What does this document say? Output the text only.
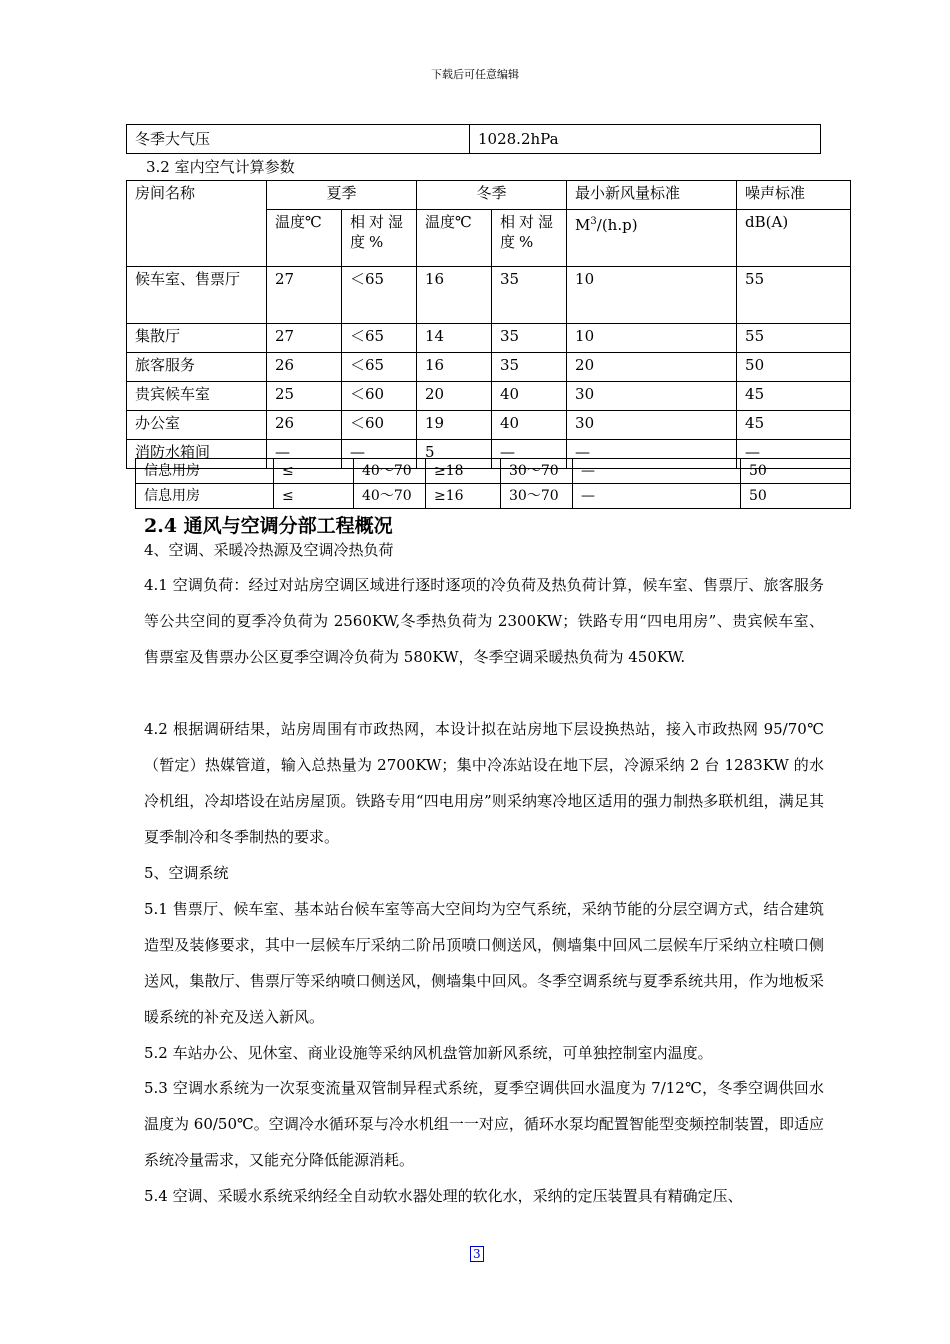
下载后可任意编辑
冬季大气压	1028.2hPa
3.2 室内空气计算参数
房间名称	夏季		冬季		最小新风量标准	噪声标准
	温度℃	相对湿度%	温度℃	相对湿度%	$M^3/(h.p)$	dB(A)
候车室、售票厅	27	＜65	16	35	10	55
集散厅	27	＜65	14	35	10	55
旅客服务	26	＜65	16	35	20	50
贵宾候车室	25	＜60	20	40	30	45
办公室	26	＜60	19	40	30	45
消防水箱间	—	—	5	—	—	—
信息用房	≤	40～70	≥18	30～70	—	50
信息用房	≤	40～70	≥16	30～70	—	50
2.4 通风与空调分部工程概况
4、空调、采暖冷热源及空调冷热负荷
4.1 空调负荷：经过对站房空调区域进行逐时逐项的冷负荷及热负荷计算，候车室、售票厅、旅客服务等公共空间的夏季冷负荷为 2560KW,冬季热负荷为 2300KW；铁路专用“四电用房”、贵宾候车室、售票室及售票办公区夏季空调冷负荷为 580KW，冬季空调采暖热负荷为 450KW.
4.2 根据调研结果，站房周围有市政热网，本设计拟在站房地下层设换热站，接入市政热网 95/70℃（暂定）热媒管道，输入总热量为 2700KW；集中冷冻站设在地下层，冷源采纳 2 台 1283KW 的水冷机组，冷却塔设在站房屋顶。铁路专用“四电用房”则采纳寒冷地区适用的强力制热多联机组，满足其夏季制冷和冬季制热的要求。
5、空调系统
5.1 售票厅、候车室、基本站台候车室等高大空间均为空气系统，采纳节能的分层空调方式，结合建筑造型及装修要求，其中一层候车厅采纳二阶吊顶喷口侧送风，侧墙集中回风二层候车厅采纳立柱喷口侧送风，集散厅、售票厅等采纳喷口侧送风，侧墙集中回风。冬季空调系统与夏季系统共用，作为地板采暖系统的补充及送入新风。
5.2 车站办公、见休室、商业设施等采纳风机盘管加新风系统，可单独控制室内温度。
5.3 空调水系统为一次泵变流量双管制异程式系统，夏季空调供回水温度为 7/12℃，冬季空调供回水温度为 60/50℃。空调冷水循环泵与冷水机组一一对应，循环水泵均配置智能型变频控制装置，即适应系统冷量需求，又能充分降低能源消耗。
5.4 空调、采暖水系统采纳经全自动软水器处理的软化水，采纳的定压装置具有精确定压、
3
